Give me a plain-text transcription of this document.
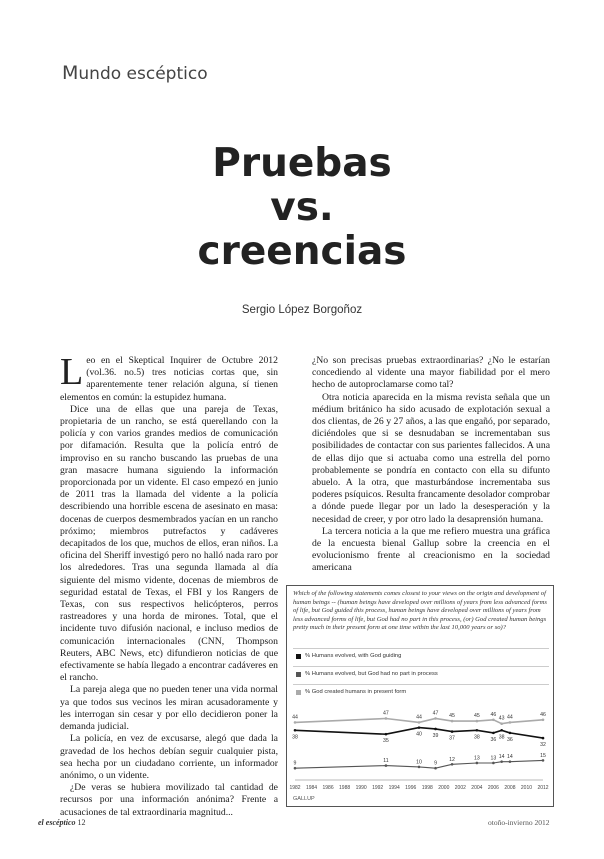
Mundo escéptico
Pruebas
vs.
creencias
Sergio López Borgoñoz

Leo en el Skeptical Inquirer de Octubre 2012 (vol.36. no.5) tres noticias cortas que, sin aparentemente tener relación alguna, sí tienen elementos en común: la estupidez humana.

Dice una de ellas que una pareja de Texas, propietaria de un rancho, se está querellando con la policía y con varios grandes medios de comunicación por difamación. Resulta que la policía entró de improviso en su rancho buscando las pruebas de una gran masacre humana siguiendo la información proporcionada por un vidente. El caso empezó en junio de 2011 tras la llamada del vidente a la policía describiendo una horrible escena de asesinato en masa: docenas de cuerpos desmembrados yacían en un rancho próximo; miembros putrefactos y cadáveres decapitados de los que, muchos de ellos, eran niños. La oficina del Sheriff investigó pero no halló nada raro por los alrededores. Tras una segunda llamada al día siguiente del mismo vidente, docenas de miembros de seguridad estatal de Texas, el FBI y los Rangers de Texas, con sus respectivos helicópteros, perros rastreadores y una horda de mirones. Total, que el incidente tuvo difusión nacional, e incluso medios de comunicación internacionales (CNN, Thompson Reuters, ABC News, etc) difundieron noticias de que efectivamente se había llegado a encontrar cadáveres en el rancho.

La pareja alega que no pueden tener una vida normal ya que todos sus vecinos les miran acusadoramente y les interrogan sin cesar y por ello decidieron poner la demanda judicial.

La policía, en vez de excusarse, alegó que dada la gravedad de los hechos debían seguir cualquier pista, sea hecha por un ciudadano corriente, un informador anónimo, o un vidente.

¿De veras se hubiera movilizado tal cantidad de recursos por una información anónima? Frente a acusaciones de tal extraordinaria magnitud...

¿No son precisas pruebas extraordinarias? ¿No le estarían concediendo al vidente una mayor fiabilidad por el mero hecho de autoproclamarse como tal?

Otra noticia aparecida en la misma revista señala que un médium británico ha sido acusado de explotación sexual a dos clientas, de 26 y 27 años, a las que engañó, por separado, diciéndoles que si se desnudaban se incrementaban sus posibilidades de contactar con sus parientes fallecidos. A una de ellas dijo que si actuaba como una estrella del porno probablemente se pondría en contacto con ella su difunto abuelo. A la otra, que masturbándose incrementaba sus poderes psíquicos. Resulta francamente desolador comprobar a dónde puede llegar por un lado la desesperación y la necesidad de creer, y por otro lado la desaprensión humana.

La tercera noticia a la que me refiero muestra una gráfica de la encuesta bienal Gallup sobre la creencia en el evolucionismo frente al creacionismo en la sociedad americana

Which of the following statements comes closest to your views on the origin and development of human beings -- (human beings have developed over millions of years from less advanced forms of life, but God guided this process, human beings have developed over millions of years from less advanced forms of life, but God had no part in this process, (or) God created human beings pretty much in their present form at one time within the last 10,000 years or so)?
% Humans evolved, with God guiding
% Humans evolved, but God had no part in process
% God created humans in present form
1982 1984 1986 1988 1990 1992 1994 1996 1998 2000 2002 2004 2006 2008 2010 2012
38
35
40 39 37	38 36 38 36
32
9	11	10 9
12	13 13 14 14	15
44
47
44
47 45	45 46
43 44	46
GALLUP
el escéptico 12	otoño-invierno 2012
